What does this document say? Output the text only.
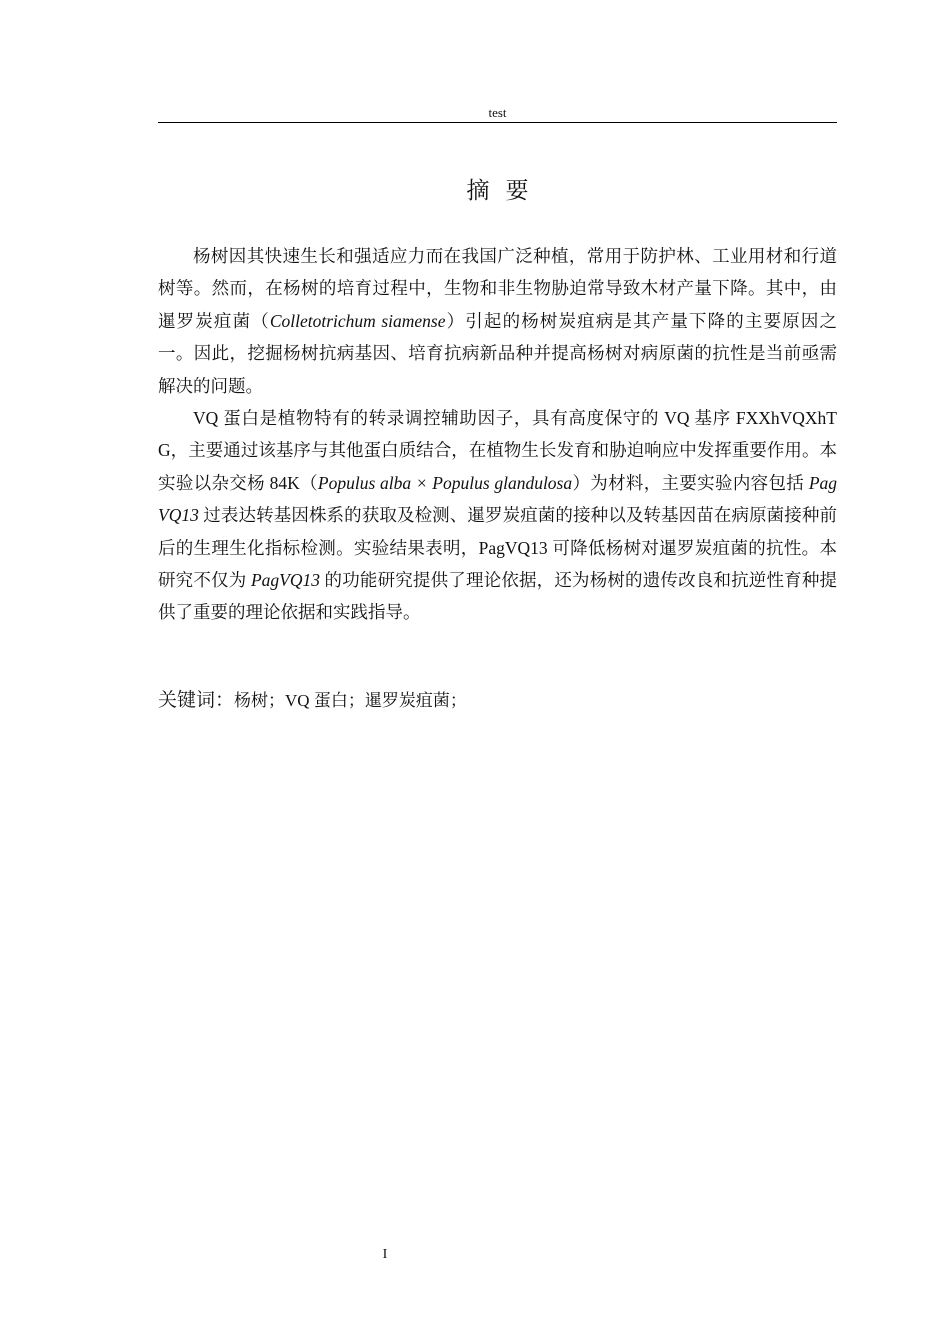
test
摘要

杨树因其快速生长和强适应力而在我国广泛种植，常用于防护林、工业用材和行道树等。然而，在杨树的培育过程中，生物和非生物胁迫常导致木材产量下降。其中，由暹罗炭疽菌（Colletotrichum siamense）引起的杨树炭疽病是其产量下降的主要原因之一。因此，挖掘杨树抗病基因、培育抗病新品种并提高杨树对病原菌的抗性是当前亟需解决的问题。

VQ 蛋白是植物特有的转录调控辅助因子，具有高度保守的 VQ 基序 FXXhVQXhTG，主要通过该基序与其他蛋白质结合，在植物生长发育和胁迫响应中发挥重要作用。本实验以杂交杨 84K（Populus alba × Populus glandulosa）为材料，主要实验内容包括 PagVQ13 过表达转基因株系的获取及检测、暹罗炭疽菌的接种以及转基因苗在病原菌接种前后的生理生化指标检测。实验结果表明，PagVQ13 可降低杨树对暹罗炭疽菌的抗性。本研究不仅为 PagVQ13 的功能研究提供了理论依据，还为杨树的遗传改良和抗逆性育种提供了重要的理论依据和实践指导。

关键词：杨树；VQ 蛋白；暹罗炭疽菌；
I
